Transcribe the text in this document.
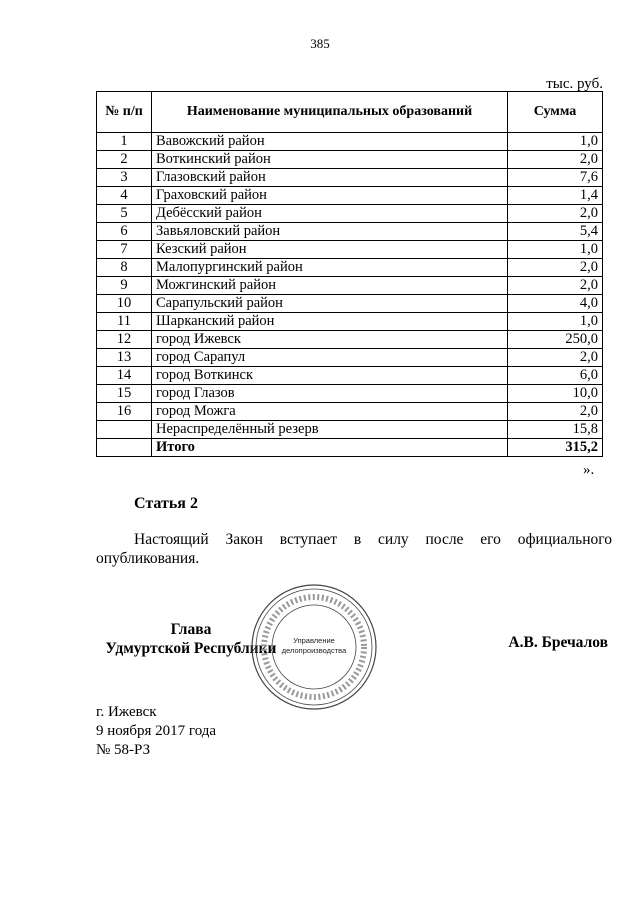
385
тыс. руб.
№ п/п	Наименование муниципальных образований	Сумма
1	Вавожский район	1,0
2	Воткинский район	2,0
3	Глазовский район	7,6
4	Граховский район	1,4
5	Дебёсский район	2,0
6	Завьяловский район	5,4
7	Кезский район	1,0
8	Малопургинский район	2,0
9	Можгинский район	2,0
10	Сарапульский район	4,0
11	Шарканский район	1,0
12	город Ижевск	250,0
13	город Сарапул	2,0
14	город Воткинск	6,0
15	город Глазов	10,0
16	город Можга	2,0
	Нераспределённый резерв	15,8
	Итого	315,2
».
Статья 2
Настоящий Закон вступает в силу после его официального опубликования.
Глава
Удмуртской Республики	Управление
делопроизводства	А.В. Бречалов
г. Ижевск
9 ноября 2017 года
№ 58-РЗ
